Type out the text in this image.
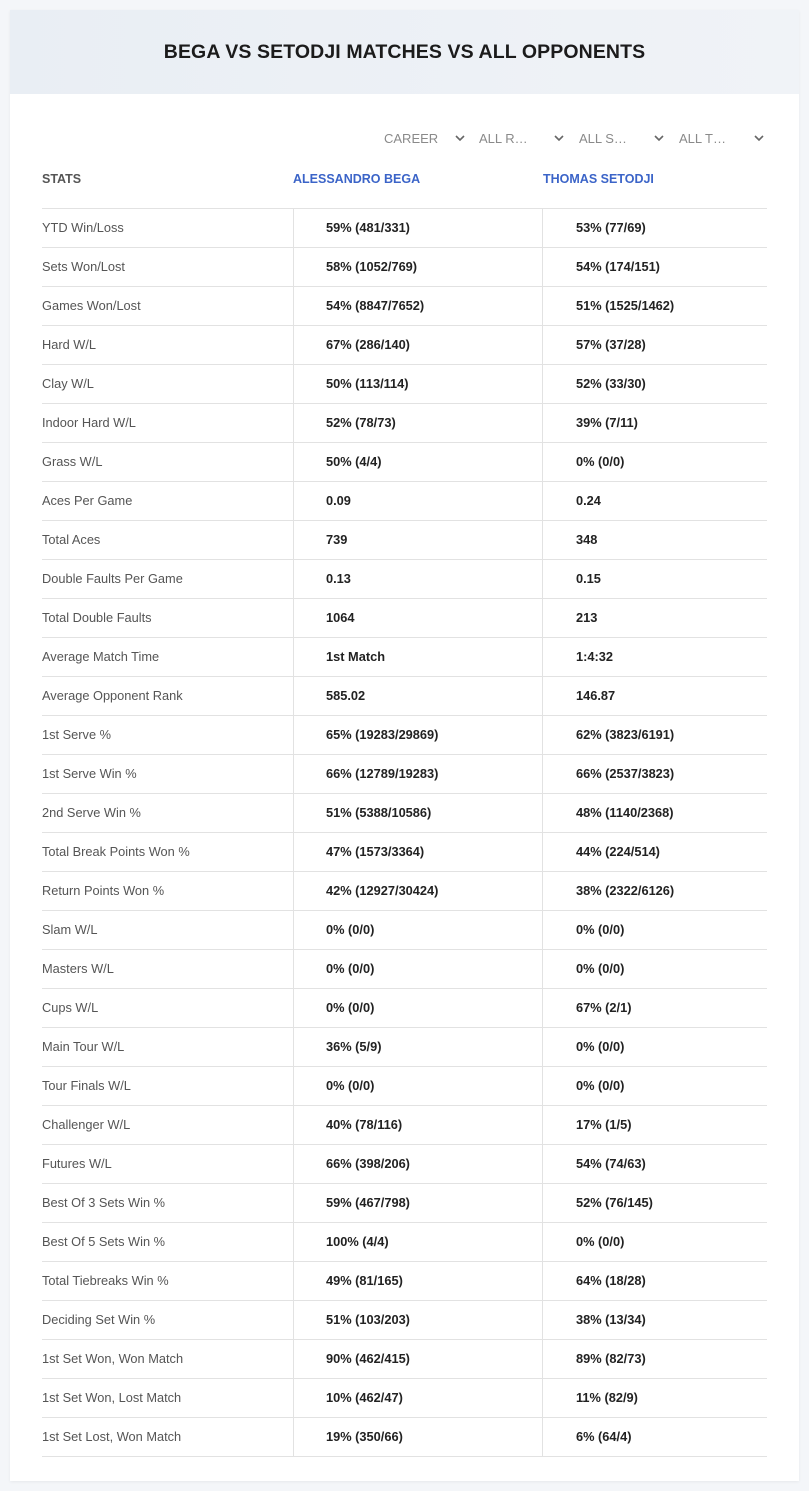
BEGA VS SETODJI MATCHES VS ALL OPPONENTS
CAREER	ALL R…	ALL S…	ALL T…
STATS	ALESSANDRO BEGA	THOMAS SETODJI
YTD Win/Loss	59% (481/331)	53% (77/69)
Sets Won/Lost	58% (1052/769)	54% (174/151)
Games Won/Lost	54% (8847/7652)	51% (1525/1462)
Hard W/L	67% (286/140)	57% (37/28)
Clay W/L	50% (113/114)	52% (33/30)
Indoor Hard W/L	52% (78/73)	39% (7/11)
Grass W/L	50% (4/4)	0% (0/0)
Aces Per Game	0.09	0.24
Total Aces	739	348
Double Faults Per Game	0.13	0.15
Total Double Faults	1064	213
Average Match Time	1st Match	1:4:32
Average Opponent Rank	585.02	146.87
1st Serve %	65% (19283/29869)	62% (3823/6191)
1st Serve Win %	66% (12789/19283)	66% (2537/3823)
2nd Serve Win %	51% (5388/10586)	48% (1140/2368)
Total Break Points Won %	47% (1573/3364)	44% (224/514)
Return Points Won %	42% (12927/30424)	38% (2322/6126)
Slam W/L	0% (0/0)	0% (0/0)
Masters W/L	0% (0/0)	0% (0/0)
Cups W/L	0% (0/0)	67% (2/1)
Main Tour W/L	36% (5/9)	0% (0/0)
Tour Finals W/L	0% (0/0)	0% (0/0)
Challenger W/L	40% (78/116)	17% (1/5)
Futures W/L	66% (398/206)	54% (74/63)
Best Of 3 Sets Win %	59% (467/798)	52% (76/145)
Best Of 5 Sets Win %	100% (4/4)	0% (0/0)
Total Tiebreaks Win %	49% (81/165)	64% (18/28)
Deciding Set Win %	51% (103/203)	38% (13/34)
1st Set Won, Won Match	90% (462/415)	89% (82/73)
1st Set Won, Lost Match	10% (462/47)	11% (82/9)
1st Set Lost, Won Match	19% (350/66)	6% (64/4)
